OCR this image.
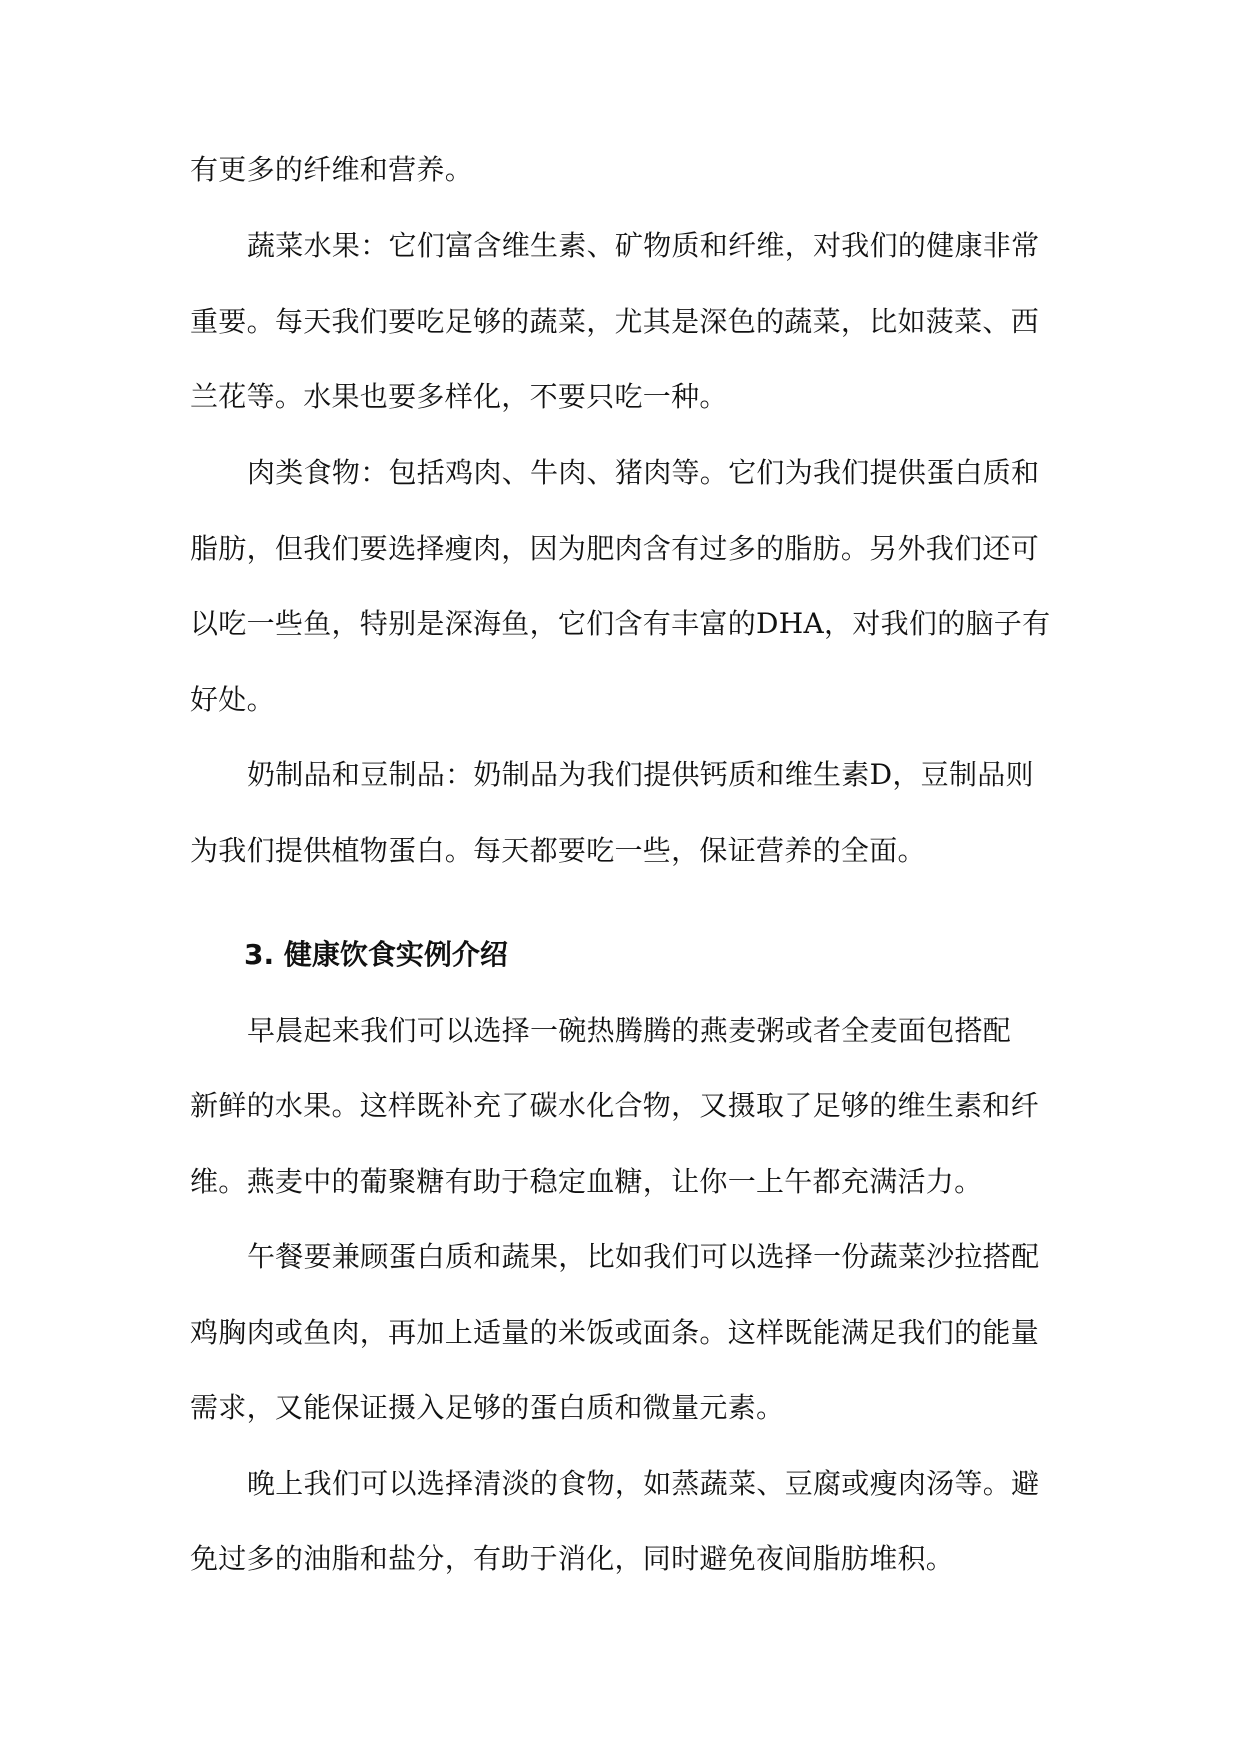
有更多的纤维和营养。
蔬菜水果：它们富含维生素、矿物质和纤维，对我们的健康非常
重要。每天我们要吃足够的蔬菜，尤其是深色的蔬菜，比如菠菜、西
兰花等。水果也要多样化，不要只吃一种。
肉类食物：包括鸡肉、牛肉、猪肉等。它们为我们提供蛋白质和
脂肪，但我们要选择瘦肉，因为肥肉含有过多的脂肪。另外我们还可
以吃一些鱼，特别是深海鱼，它们含有丰富的DHA，对我们的脑子有
好处。
奶制品和豆制品：奶制品为我们提供钙质和维生素D，豆制品则
为我们提供植物蛋白。每天都要吃一些，保证营养的全面。
3. 健康饮食实例介绍
早晨起来我们可以选择一碗热腾腾的燕麦粥或者全麦面包搭配
新鲜的水果。这样既补充了碳水化合物，又摄取了足够的维生素和纤
维。燕麦中的葡聚糖有助于稳定血糖，让你一上午都充满活力。
午餐要兼顾蛋白质和蔬果，比如我们可以选择一份蔬菜沙拉搭配
鸡胸肉或鱼肉，再加上适量的米饭或面条。这样既能满足我们的能量
需求，又能保证摄入足够的蛋白质和微量元素。
晚上我们可以选择清淡的食物，如蒸蔬菜、豆腐或瘦肉汤等。避
免过多的油脂和盐分，有助于消化，同时避免夜间脂肪堆积。
